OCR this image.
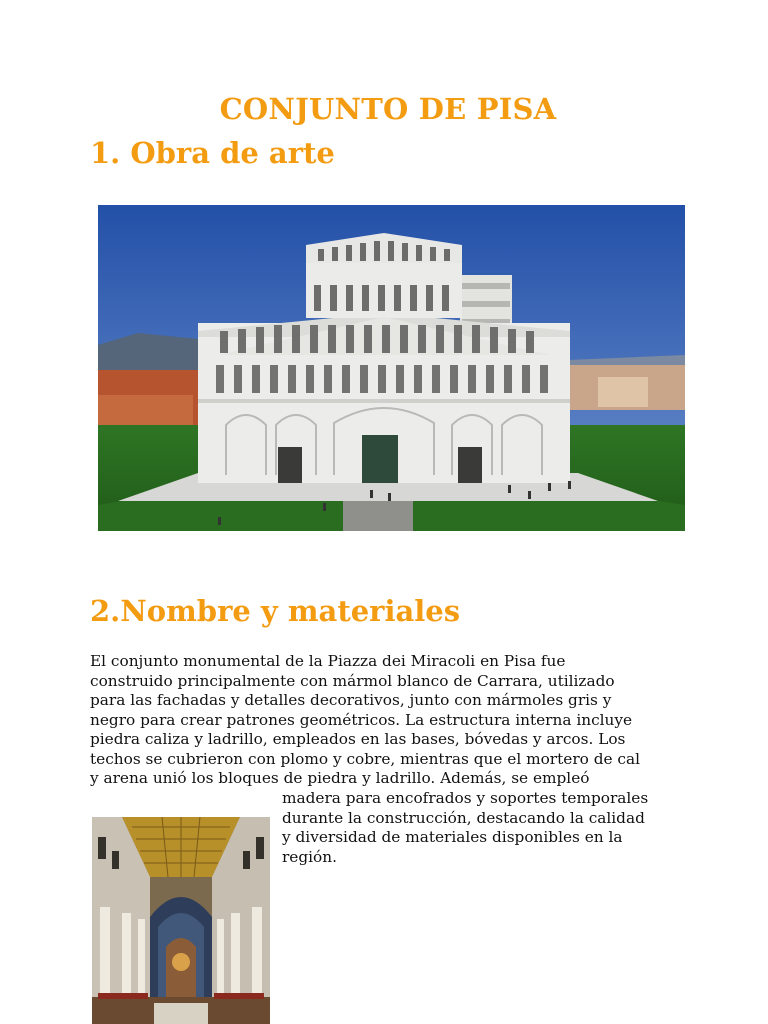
CONJUNTO DE PISA
1. Obra de arte
2.Nombre y materiales
El conjunto monumental de la Piazza dei Miracoli en Pisa fue
construido principalmente con mármol blanco de Carrara, utilizado
para las fachadas y detalles decorativos, junto con mármoles gris y
negro para crear patrones geométricos. La estructura interna incluye
piedra caliza y ladrillo, empleados en las bases, bóvedas y arcos. Los
techos se cubrieron con plomo y cobre, mientras que el mortero de cal
y arena unió los bloques de piedra y ladrillo. Además, se empleó
madera para encofrados y soportes temporales
durante la construcción, destacando la calidad
y diversidad de materiales disponibles en la
región.
